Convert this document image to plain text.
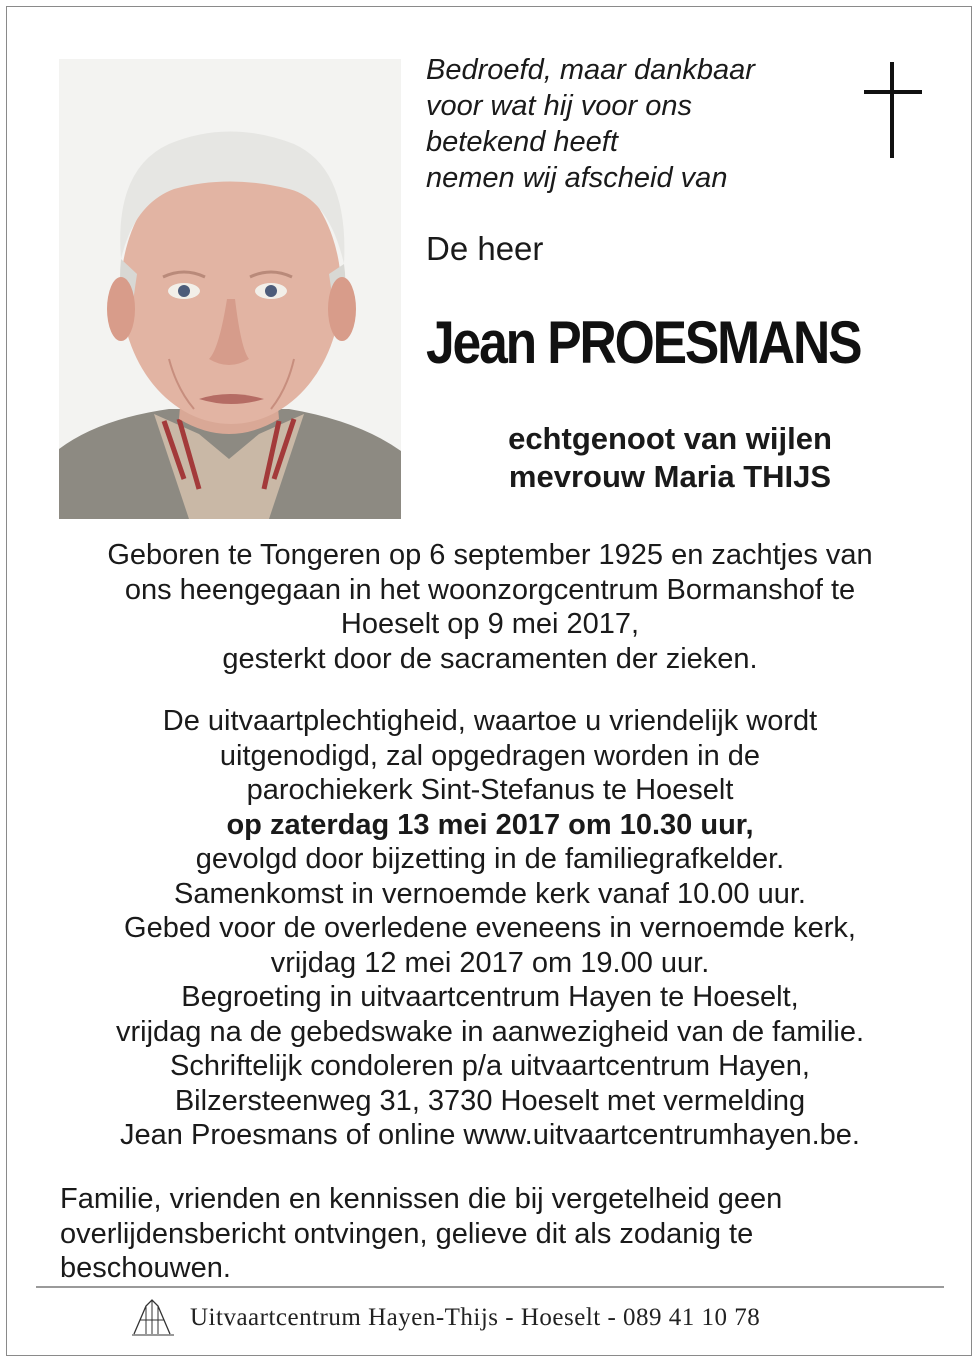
Bedroefd, maar dankbaar
voor wat hij voor ons
betekend heeft
nemen wij afscheid van
De heer
Jean PROESMANS
echtgenoot van wijlen
mevrouw Maria THIJS
Geboren te Tongeren op 6 september 1925 en zachtjes van
ons heengegaan in het woonzorgcentrum Bormanshof te
Hoeselt op 9 mei 2017,
gesterkt door de sacramenten der zieken.
De uitvaartplechtigheid, waartoe u vriendelijk wordt
uitgenodigd, zal opgedragen worden in de
parochiekerk Sint-Stefanus te Hoeselt
op zaterdag 13 mei 2017 om 10.30 uur,
gevolgd door bijzetting in de familiegrafkelder.
Samenkomst in vernoemde kerk vanaf 10.00 uur.
Gebed voor de overledene eveneens in vernoemde kerk,
vrijdag 12 mei 2017 om 19.00 uur.
Begroeting in uitvaartcentrum Hayen te Hoeselt,
vrijdag na de gebedswake in aanwezigheid van de familie.
Schriftelijk condoleren p/a uitvaartcentrum Hayen,
Bilzersteenweg 31, 3730 Hoeselt met vermelding
Jean Proesmans of online www.uitvaartcentrumhayen.be.
Familie, vrienden en kennissen die bij vergetelheid geen
overlijdensbericht ontvingen, gelieve dit als zodanig te
beschouwen.
Uitvaartcentrum Hayen-Thijs - Hoeselt - 089 41 10 78
